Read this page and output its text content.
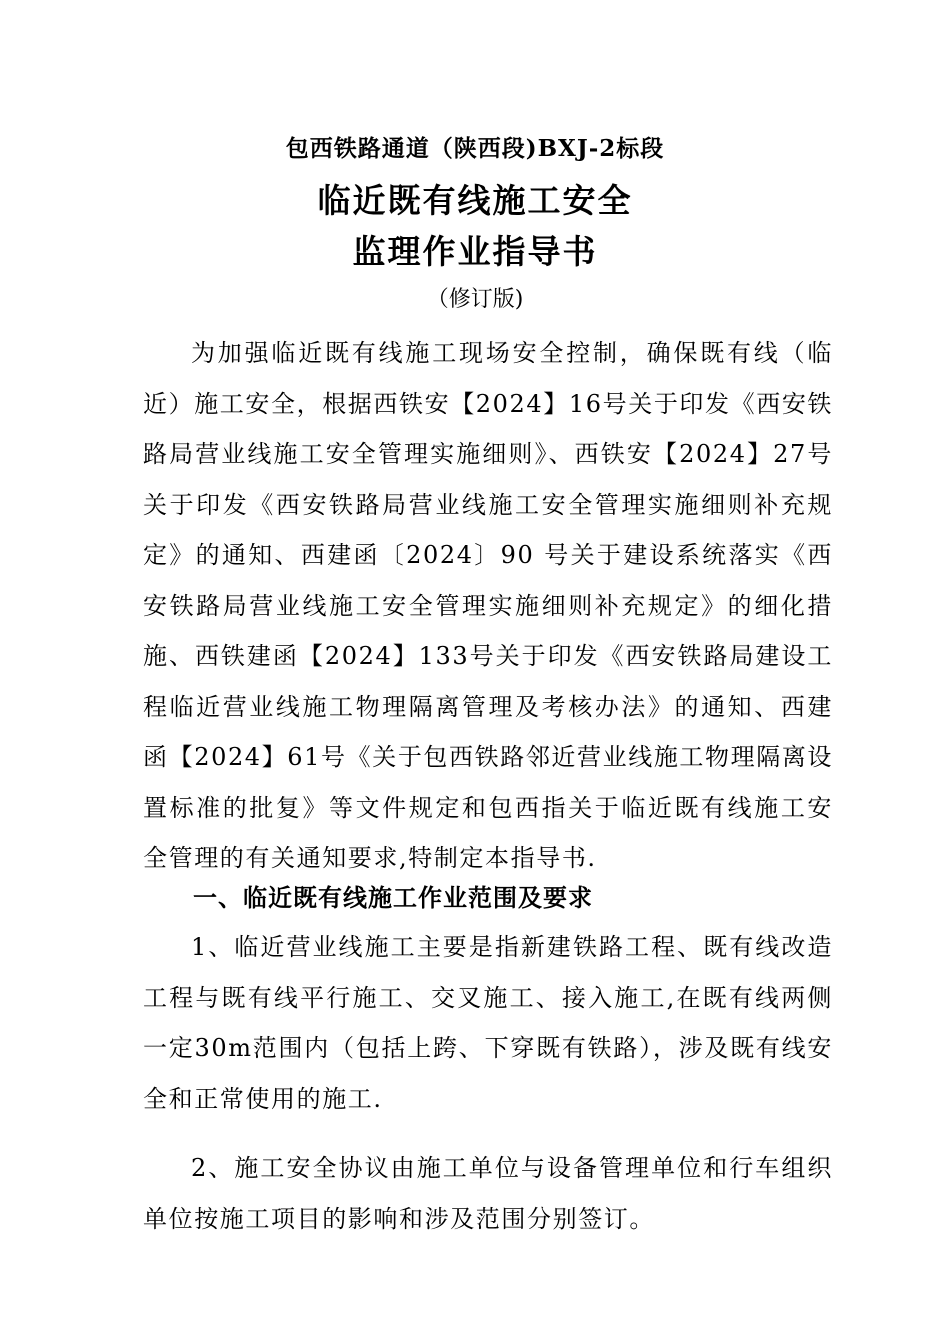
包西铁路通道（陕西段)BXJ-2标段
临近既有线施工安全
监理作业指导书
（修订版)

为加强临近既有线施工现场安全控制，确保既有线（临近）施工安全，根据西铁安【2024】16号关于印发《西安铁路局营业线施工安全管理实施细则》、西铁安【2024】27号关于印发《西安铁路局营业线施工安全管理实施细则补充规定》的通知、西建函〔2024〕90 号关于建设系统落实《西安铁路局营业线施工安全管理实施细则补充规定》的细化措施、西铁建函【2024】133号关于印发《西安铁路局建设工程临近营业线施工物理隔离管理及考核办法》的通知、西建函【2024】61号《关于包西铁路邻近营业线施工物理隔离设置标准的批复》等文件规定和包西指关于临近既有线施工安全管理的有关通知要求,特制定本指导书.

一、临近既有线施工作业范围及要求

1、临近营业线施工主要是指新建铁路工程、既有线改造工程与既有线平行施工、交叉施工、接入施工,在既有线两侧一定30m范围内（包括上跨、下穿既有铁路），涉及既有线安全和正常使用的施工.

2、施工安全协议由施工单位与设备管理单位和行车组织单位按施工项目的影响和涉及范围分别签订。
